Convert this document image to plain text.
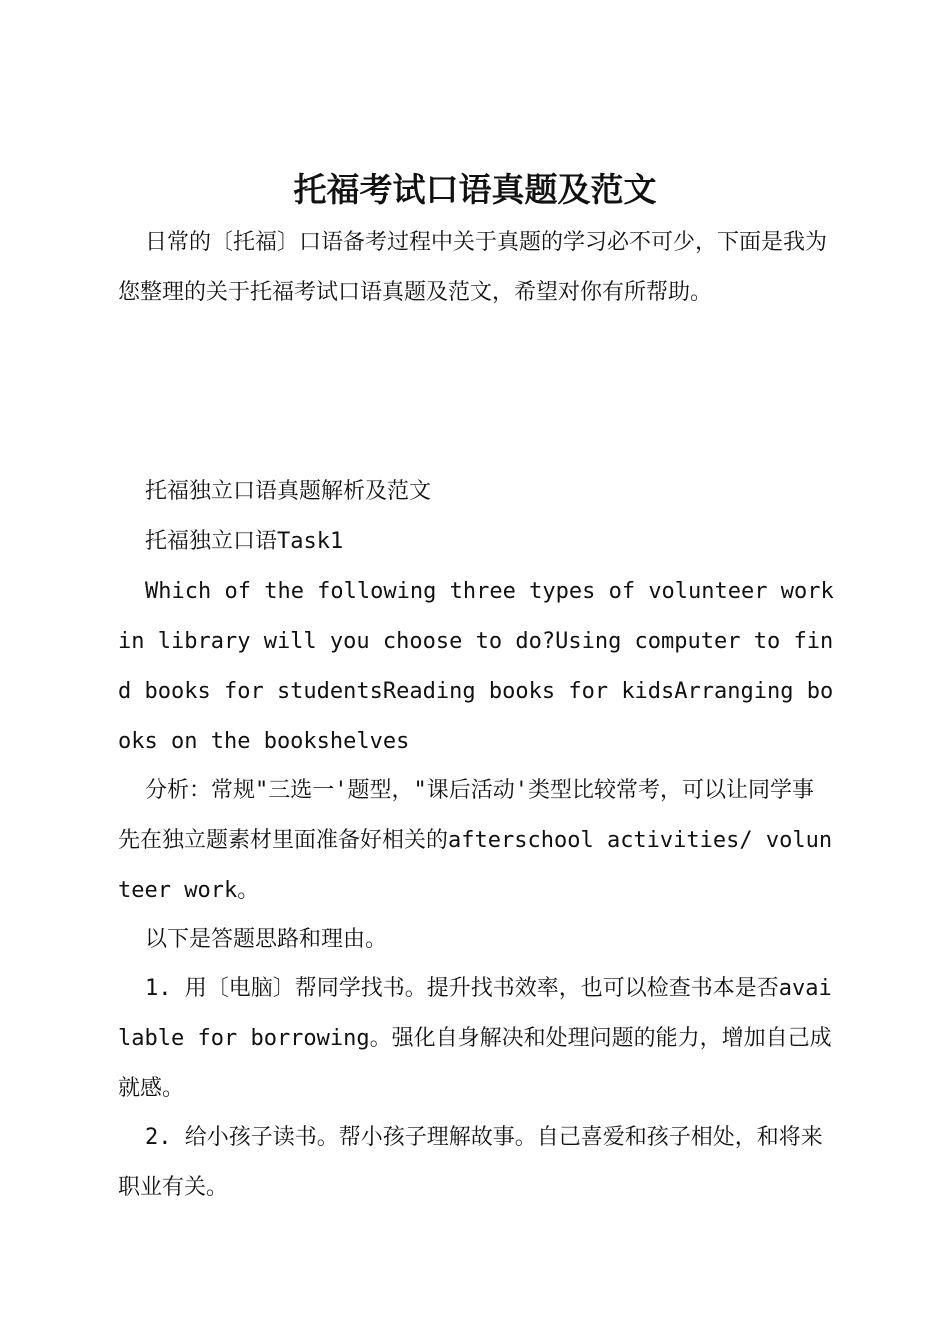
托福考试口语真题及范文

日常的〔托福〕口语备考过程中关于真题的学习必不可少，下面是我为您整理的关于托福考试口语真题及范文，希望对你有所帮助。

托福独立口语真题解析及范文

托福独立口语Task1

Which of the following three types of volunteer work in library will you choose to do?Using computer to find books for studentsReading books for kidsArranging books on the bookshelves

分析：常规"三选一'题型，"课后活动'类型比较常考，可以让同学事先在独立题素材里面准备好相关的afterschool activities/ volunteer work。

以下是答题思路和理由。

1. 用〔电脑〕帮同学找书。提升找书效率，也可以检查书本是否available for borrowing。强化自身解决和处理问题的能力，增加自己成就感。

2. 给小孩子读书。帮小孩子理解故事。自己喜爱和孩子相处，和将来职业有关。
